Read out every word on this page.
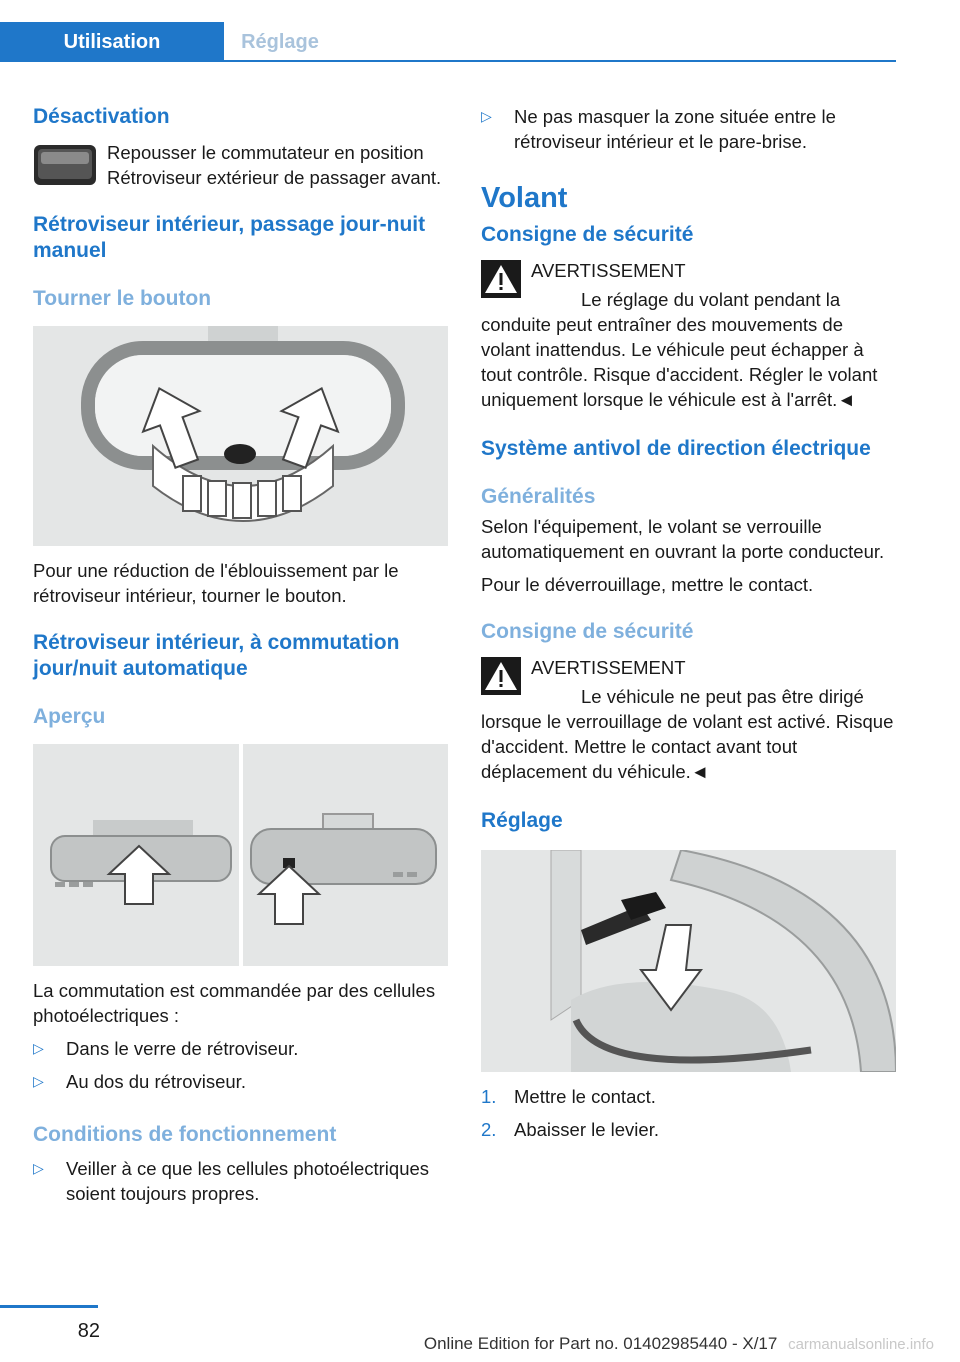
Utilisation	Réglage
Désactivation

Repousser le commutateur en position Rétroviseur extérieur de passager avant.

Rétroviseur intérieur, passage jour-nuit manuel
Tourner le bouton

Pour une réduction de l'éblouissement par le rétroviseur intérieur, tourner le bouton.

Rétroviseur intérieur, à commutation jour/nuit automatique
Aperçu

La commutation est commandée par des cellules photoélectriques :

▷ Dans le verre de rétroviseur.
▷ Au dos du rétroviseur.
Conditions de fonctionnement
▷ Veiller à ce que les cellules photoélectriques soient toujours propres.
▷ Ne pas masquer la zone située entre le rétroviseur intérieur et le pare-brise.
Volant
Consigne de sécurité

AVERTISSEMENT

Le réglage du volant pendant la conduite peut entraîner des mouvements de volant inattendus. Le véhicule peut échapper à tout contrôle. Risque d'accident. Régler le volant uniquement lorsque le véhicule est à l'arrêt.◄

Système antivol de direction électrique
Généralités

Selon l'équipement, le volant se verrouille automatiquement en ouvrant la porte conducteur.

Pour le déverrouillage, mettre le contact.

Consigne de sécurité

AVERTISSEMENT

Le véhicule ne peut pas être dirigé lorsque le verrouillage de volant est activé. Risque d'accident. Mettre le contact avant tout déplacement du véhicule.◄

Réglage
1. Mettre le contact.
2. Abaisser le levier.
82
Online Edition for Part no. 01402985440 - X/17 carmanualsonline.info
